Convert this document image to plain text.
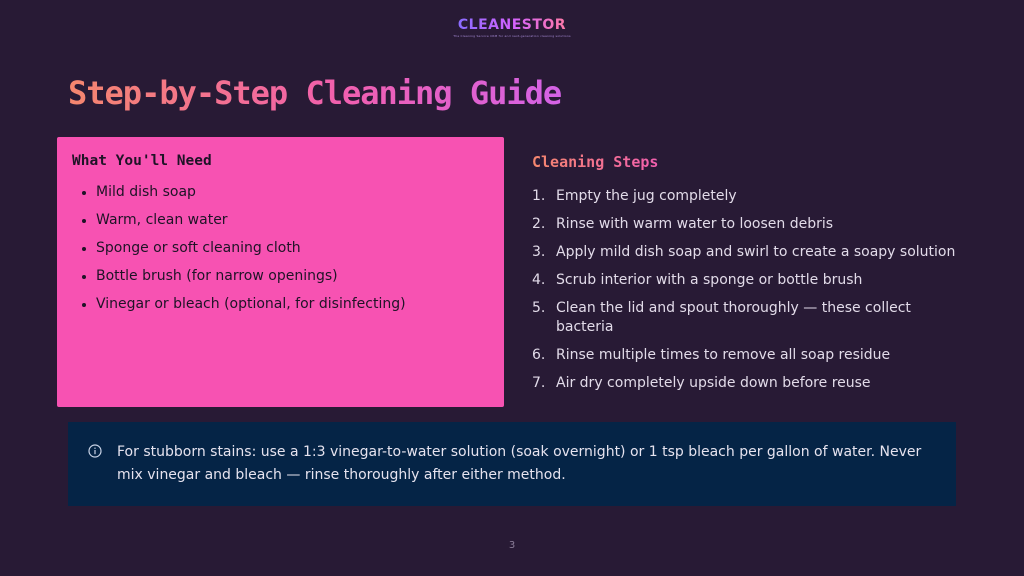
CLEANESTOR
The Cleaning Service CRM for and next-generation cleaning solutions
Step-by-Step Cleaning Guide
What You'll Need
• Mild dish soap
• Warm, clean water
• Sponge or soft cleaning cloth
• Bottle brush (for narrow openings)
• Vinegar or bleach (optional, for disinfecting)
Cleaning Steps
1. Empty the jug completely
2. Rinse with warm water to loosen debris
3. Apply mild dish soap and swirl to create a soapy solution
4. Scrub interior with a sponge or bottle brush
5. Clean the lid and spout thoroughly — these collect bacteria
6. Rinse multiple times to remove all soap residue
7. Air dry completely upside down before reuse

For stubborn stains: use a 1:3 vinegar-to-water solution (soak overnight) or 1 tsp bleach per gallon of water. Never mix vinegar and bleach — rinse thoroughly after either method.

3
